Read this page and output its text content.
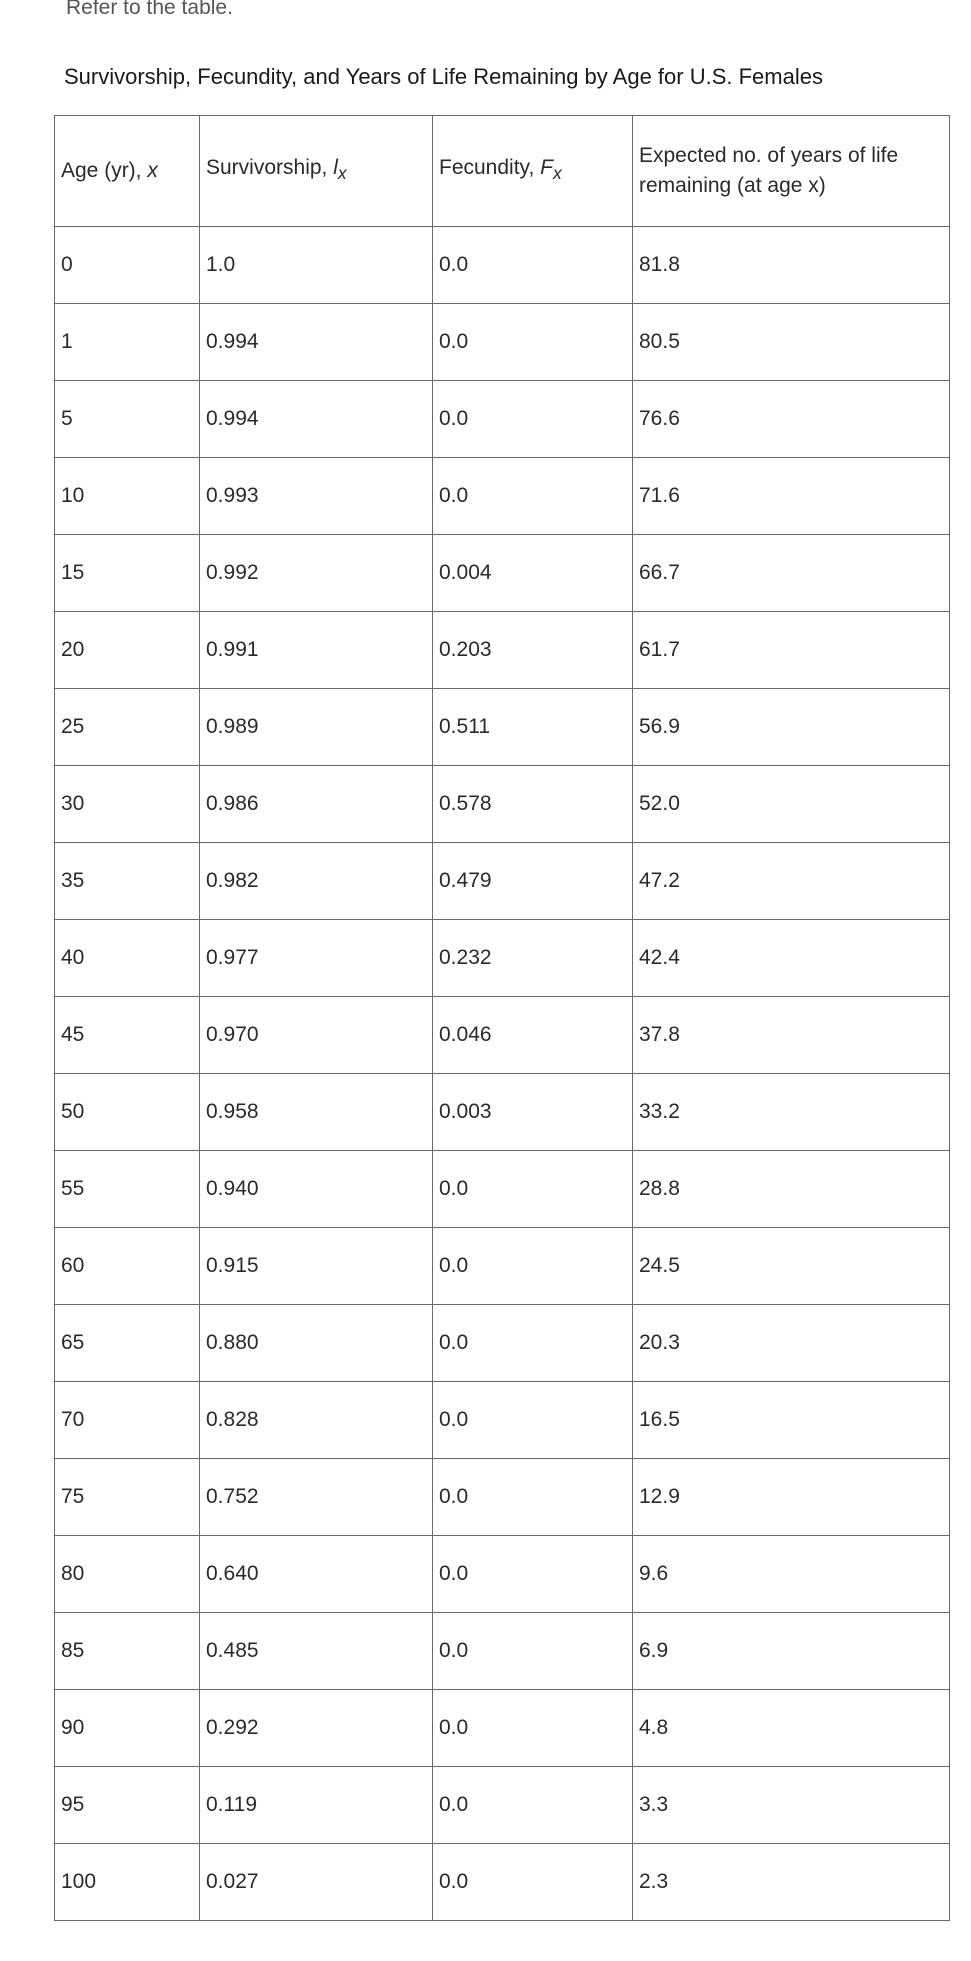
Refer to the table.
Survivorship, Fecundity, and Years of Life Remaining by Age for U.S. Females
Age (yr), x	Survivorship, $l_x$	Fecundity, $F_x$	Expected no. of years of life remaining (at age x)
0	1.0	0.0	81.8
1	0.994	0.0	80.5
5	0.994	0.0	76.6
10	0.993	0.0	71.6
15	0.992	0.004	66.7
20	0.991	0.203	61.7
25	0.989	0.511	56.9
30	0.986	0.578	52.0
35	0.982	0.479	47.2
40	0.977	0.232	42.4
45	0.970	0.046	37.8
50	0.958	0.003	33.2
55	0.940	0.0	28.8
60	0.915	0.0	24.5
65	0.880	0.0	20.3
70	0.828	0.0	16.5
75	0.752	0.0	12.9
80	0.640	0.0	9.6
85	0.485	0.0	6.9
90	0.292	0.0	4.8
95	0.119	0.0	3.3
100	0.027	0.0	2.3
